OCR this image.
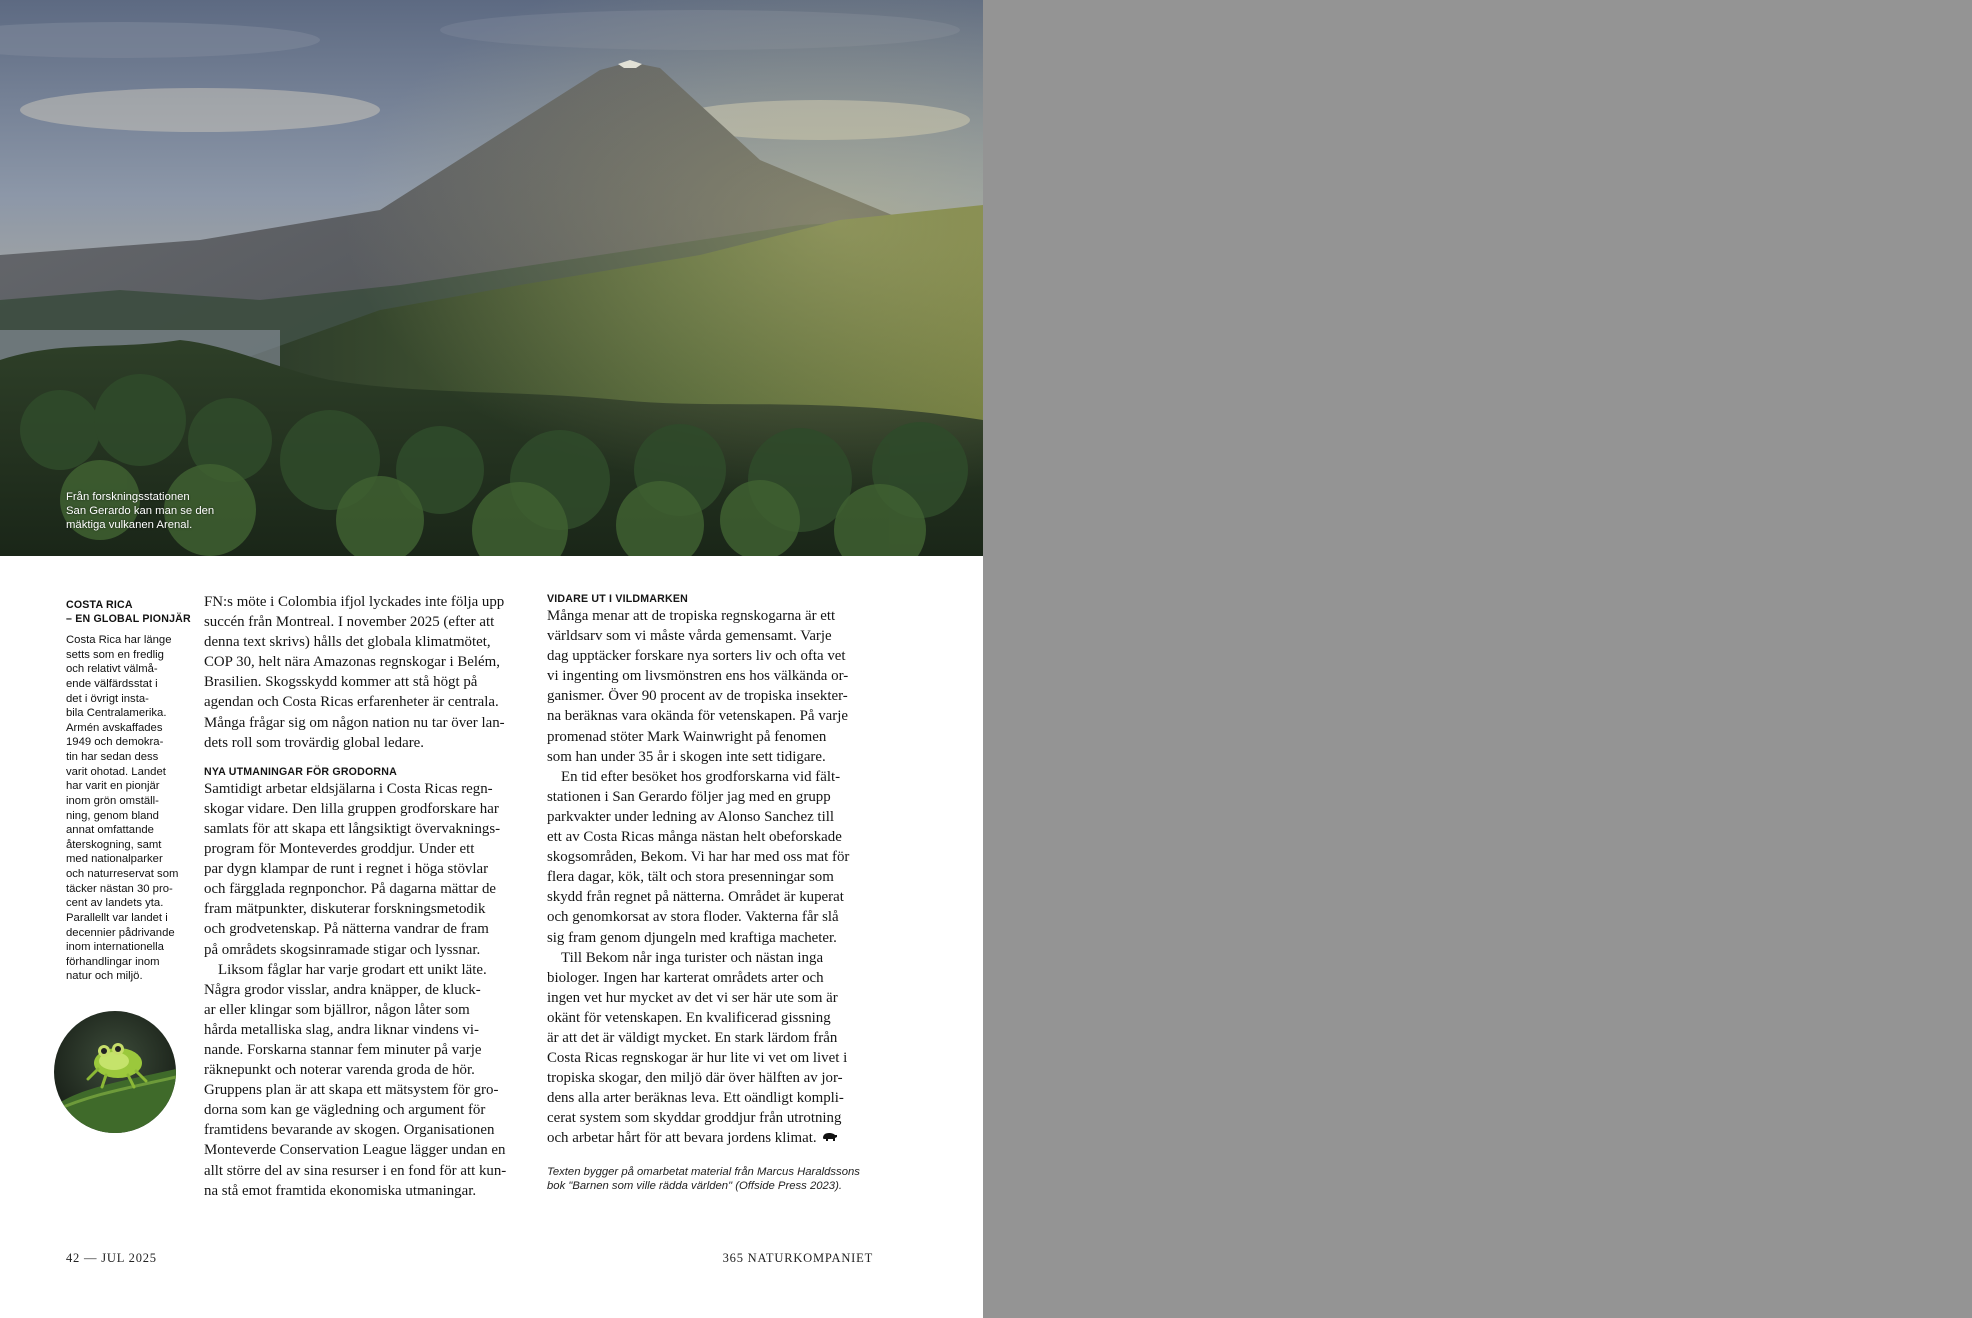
Från forskningsstationen
San Gerardo kan man se den
mäktiga vulkanen Arenal.
COSTA RICA
– EN GLOBAL PIONJÄR
Costa Rica har länge
setts som en fredlig
och relativt välmå-
ende välfärdsstat i
det i övrigt insta-
bila Centralamerika.
Armén avskaffades
1949 och demokra-
tin har sedan dess
varit ohotad. Landet
har varit en pionjär
inom grön omställ-
ning, genom bland
annat omfattande
återskogning, samt
med nationalparker
och naturreservat som
täcker nästan 30 pro-
cent av landets yta.
Parallellt var landet i
decennier pådrivande
inom internationella
förhandlingar inom
natur och miljö.
FN:s möte i Colombia ifjol lyckades inte följa upp
succén från Montreal. I november 2025 (efter att
denna text skrivs) hålls det globala klimatmötet,
COP 30, helt nära Amazonas regnskogar i Belém,
Brasilien. Skogsskydd kommer att stå högt på
agendan och Costa Ricas erfarenheter är centrala.
Många frågar sig om någon nation nu tar över lan-
dets roll som trovärdig global ledare.
NYA UTMANINGAR FÖR GRODORNA
Samtidigt arbetar eldsjälarna i Costa Ricas regn-
skogar vidare. Den lilla gruppen grodforskare har
samlats för att skapa ett långsiktigt övervaknings-
program för Monteverdes groddjur. Under ett
par dygn klampar de runt i regnet i höga stövlar
och färgglada regnponchor. På dagarna mättar de
fram mätpunkter, diskuterar forskningsmetodik
och grodvetenskap. På nätterna vandrar de fram
på områdets skogsinramade stigar och lyssnar.
Liksom fåglar har varje grodart ett unikt läte.
Några grodor visslar, andra knäpper, de kluck-
ar eller klingar som bjällror, någon låter som
hårda metalliska slag, andra liknar vindens vi-
nande. Forskarna stannar fem minuter på varje
räknepunkt och noterar varenda groda de hör.
Gruppens plan är att skapa ett mätsystem för gro-
dorna som kan ge vägledning och argument för
framtidens bevarande av skogen. Organisationen
Monteverde Conservation League lägger undan en
allt större del av sina resurser i en fond för att kun-
na stå emot framtida ekonomiska utmaningar.
VIDARE UT I VILDMARKEN
Många menar att de tropiska regnskogarna är ett
världsarv som vi måste vårda gemensamt. Varje
dag upptäcker forskare nya sorters liv och ofta vet
vi ingenting om livsmönstren ens hos välkända or-
ganismer. Över 90 procent av de tropiska insekter-
na beräknas vara okända för vetenskapen. På varje
promenad stöter Mark Wainwright på fenomen
som han under 35 år i skogen inte sett tidigare.
En tid efter besöket hos grodforskarna vid fält-
stationen i San Gerardo följer jag med en grupp
parkvakter under ledning av Alonso Sanchez till
ett av Costa Ricas många nästan helt obeforskade
skogsområden, Bekom. Vi har har med oss mat för
flera dagar, kök, tält och stora presenningar som
skydd från regnet på nätterna. Området är kuperat
och genomkorsat av stora floder. Vakterna får slå
sig fram genom djungeln med kraftiga macheter.
Till Bekom når inga turister och nästan inga
biologer. Ingen har karterat områdets arter och
ingen vet hur mycket av det vi ser här ute som är
okänt för vetenskapen. En kvalificerad gissning
är att det är väldigt mycket. En stark lärdom från
Costa Ricas regnskogar är hur lite vi vet om livet i
tropiska skogar, den miljö där över hälften av jor-
dens alla arter beräknas leva. Ett oändligt kompli-
cerat system som skyddar groddjur från utrotning
och arbetar hårt för att bevara jordens klimat.
Texten bygger på omarbetat material från Marcus Haraldssons
bok "Barnen som ville rädda världen" (Offside Press 2023).
42 — JUL 2025	365 NATURKOMPANIET
